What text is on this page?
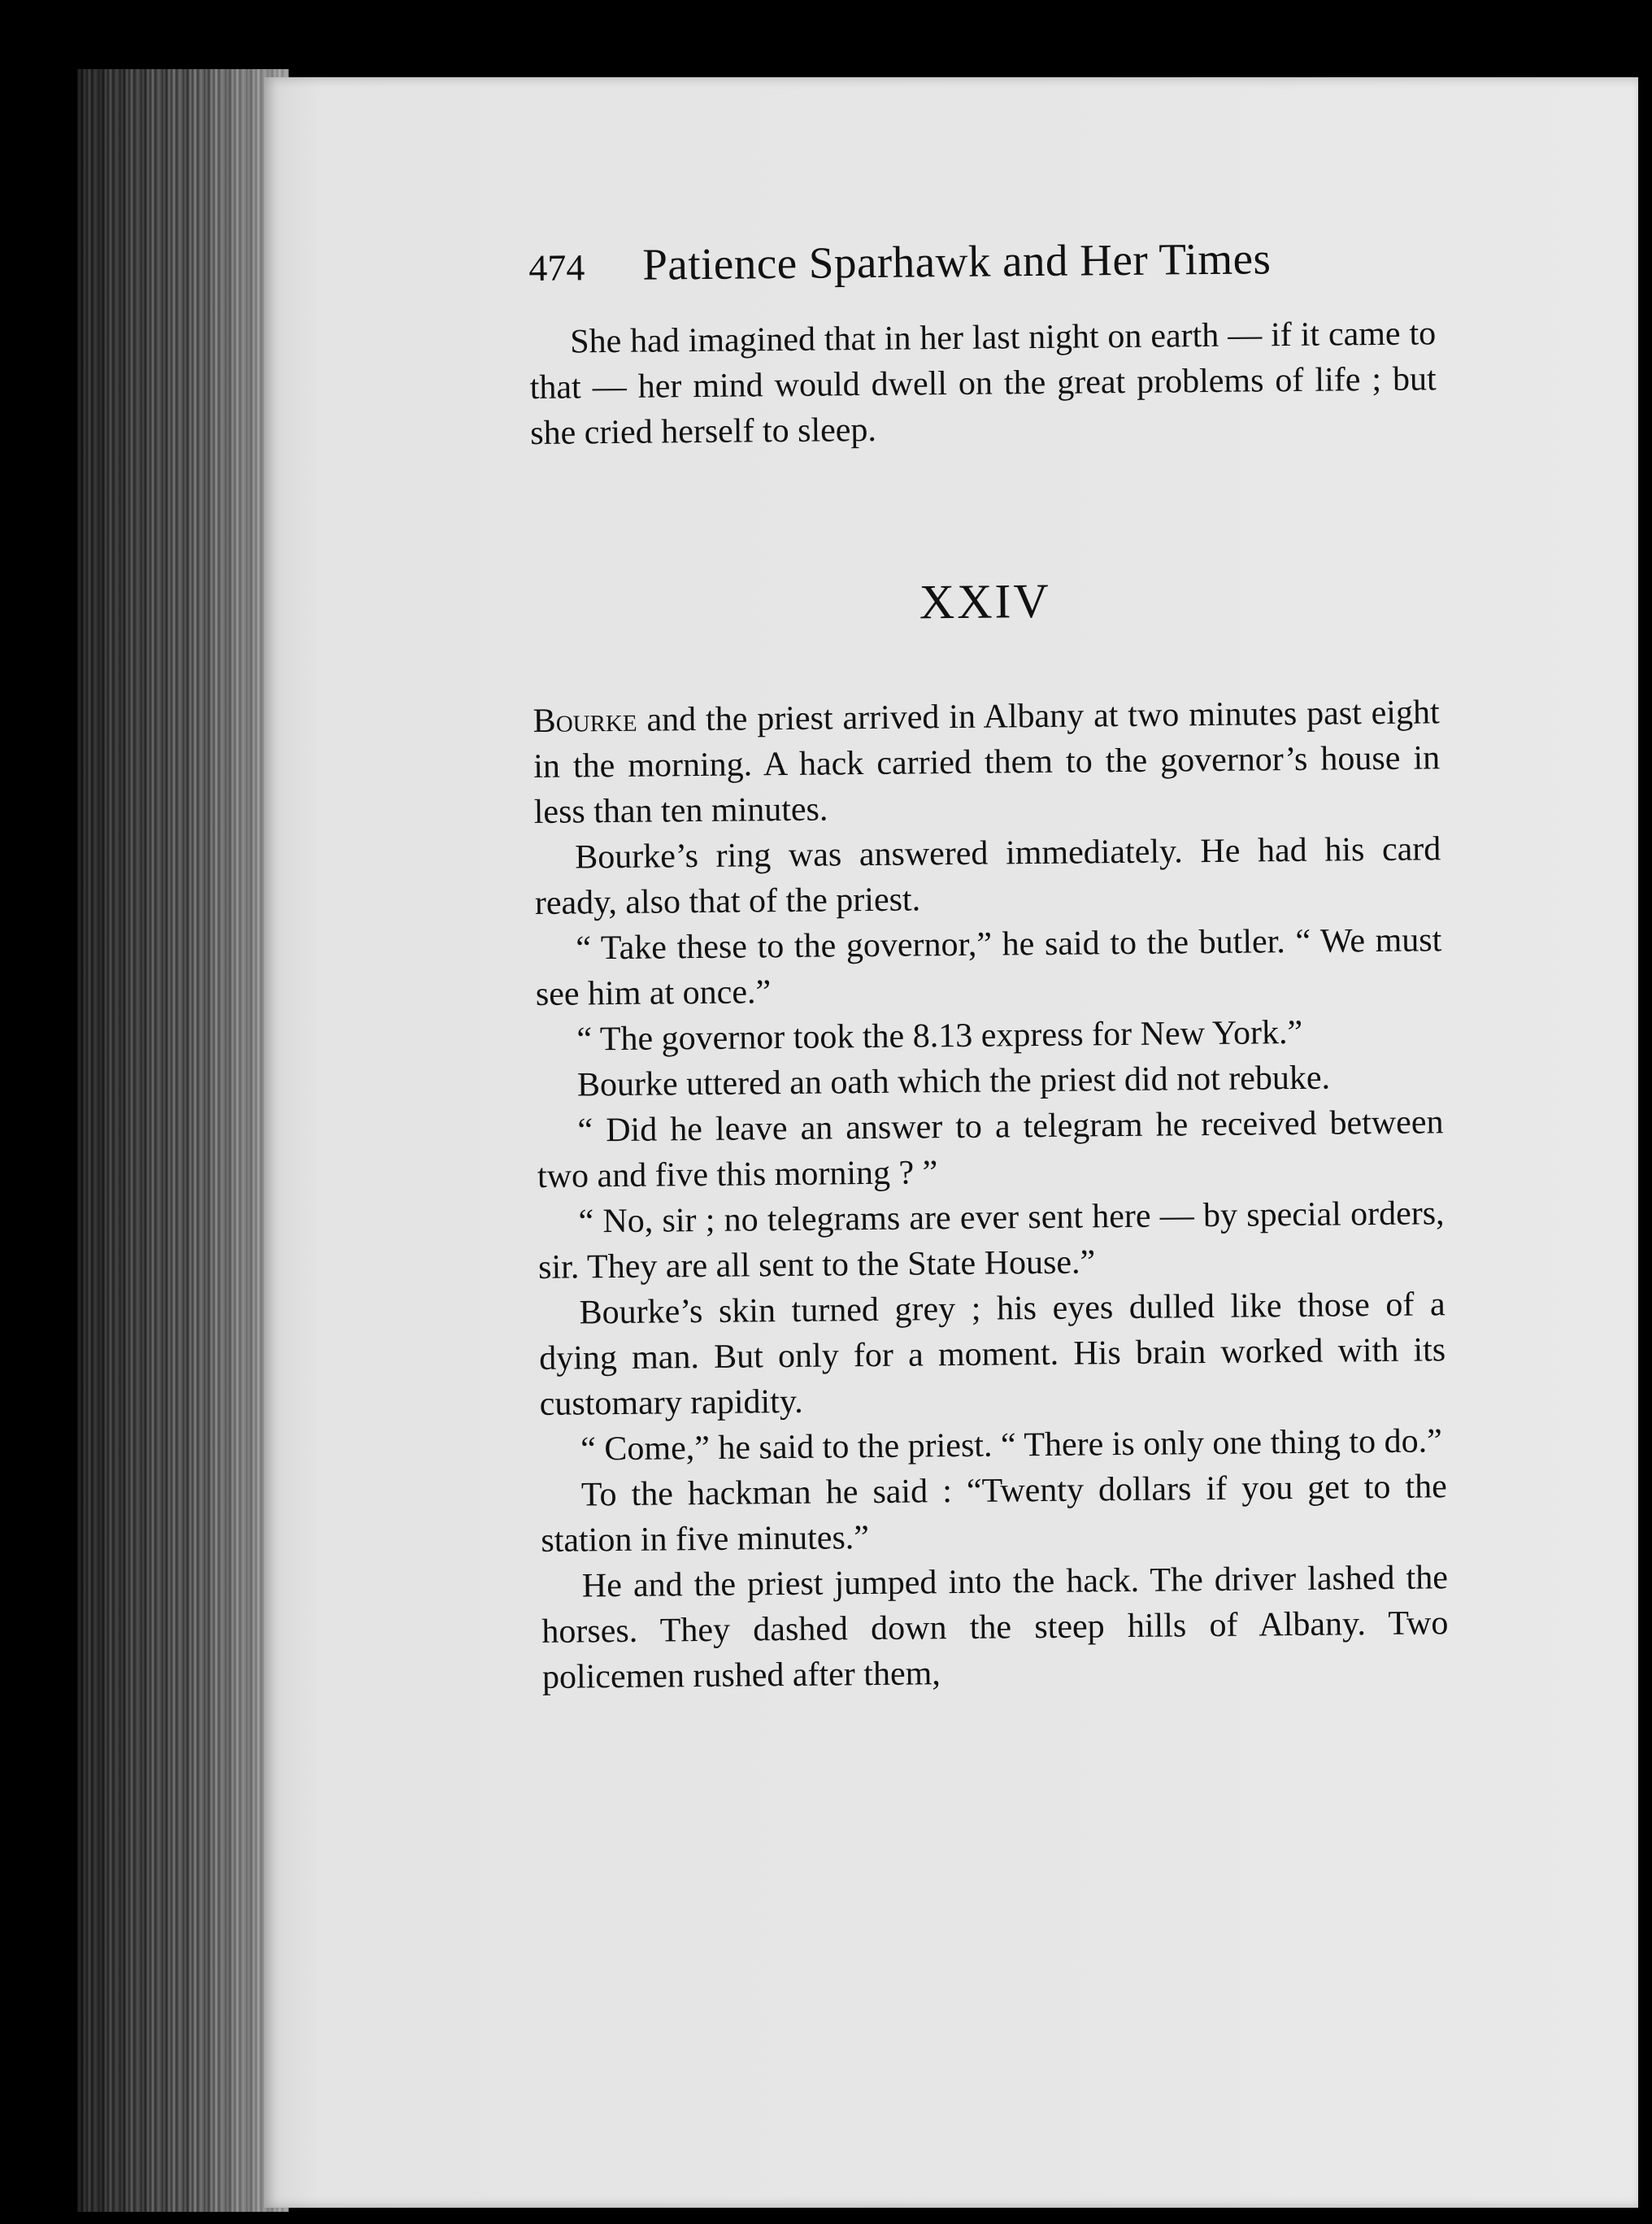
474	Patience Sparhawk and Her Times

She had imagined that in her last night on earth — if it came to that — her mind would dwell on the great problems of life ; but she cried herself to sleep.

XXIV

Bourke and the priest arrived in Albany at two minutes past eight in the morning. A hack carried them to the governor’s house in less than ten minutes.

Bourke’s ring was answered immediately. He had his card ready, also that of the priest.

“ Take these to the governor,” he said to the butler. “ We must see him at once.”

“ The governor took the 8.13 express for New York.”

Bourke uttered an oath which the priest did not rebuke.

“ Did he leave an answer to a telegram he received between two and five this morning ? ”

“ No, sir ; no telegrams are ever sent here — by special orders, sir. They are all sent to the State House.”

Bourke’s skin turned grey ; his eyes dulled like those of a dying man. But only for a moment. His brain worked with its customary rapidity.

“ Come,” he said to the priest. “ There is only one thing to do.”

To the hackman he said : “Twenty dollars if you get to the station in five minutes.”

He and the priest jumped into the hack. The driver lashed the horses. They dashed down the steep hills of Albany. Two policemen rushed after them,
